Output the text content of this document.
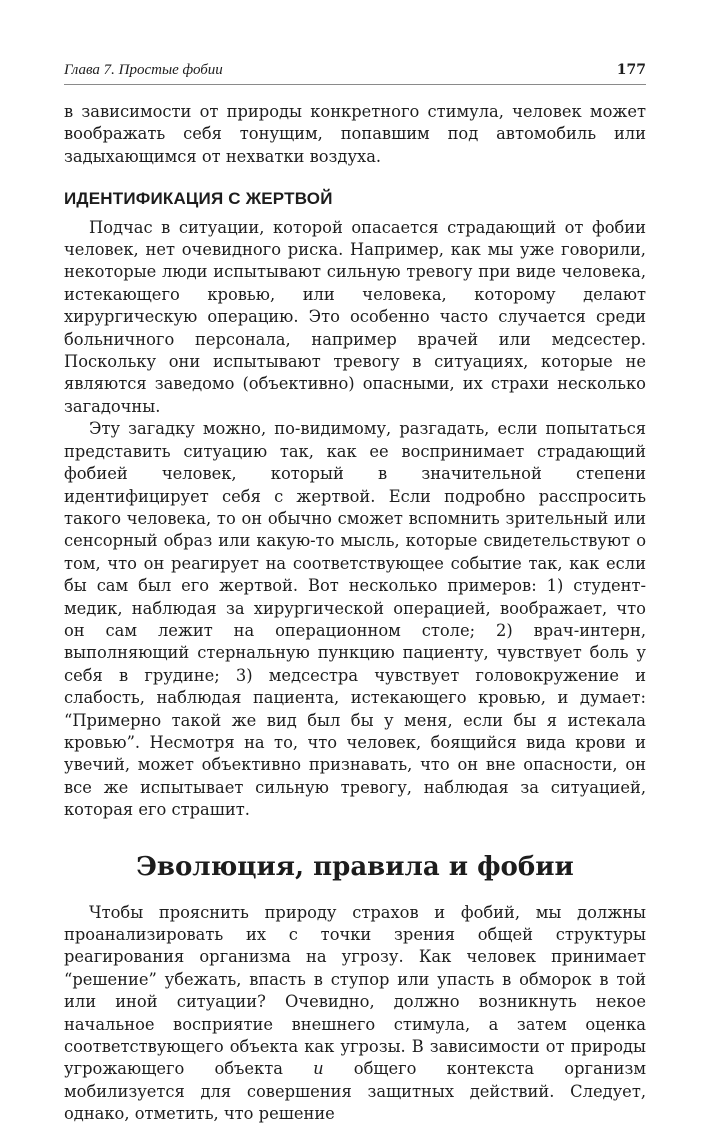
Глава 7. Простые фобии	177

в зависимости от природы конкретного стимула, человек может воображать себя тонущим, попавшим под автомобиль или задыхающимся от нехватки воздуха.

ИДЕНТИФИКАЦИЯ С ЖЕРТВОЙ

Подчас в ситуации, которой опасается страдающий от фобии человек, нет очевидного риска. Например, как мы уже говорили, некоторые люди испытывают сильную тревогу при виде человека, истекающего кровью, или человека, которому делают хирургическую операцию. Это особенно часто случается среди больничного персонала, например врачей или медсестер. Поскольку они испытывают тревогу в ситуациях, которые не являются заведомо (объективно) опасными, их страхи несколько загадочны.

Эту загадку можно, по-видимому, разгадать, если попытаться представить ситуацию так, как ее воспринимает страдающий фобией человек, который в значительной степени идентифицирует себя с жертвой. Если подробно расспросить такого человека, то он обычно сможет вспомнить зрительный или сенсорный образ или какую-то мысль, которые свидетельствуют о том, что он реагирует на соответствующее событие так, как если бы сам был его жертвой. Вот несколько примеров: 1) студент-медик, наблюдая за хирургической операцией, воображает, что он сам лежит на операционном столе; 2) врач-интерн, выполняющий стернальную пункцию пациенту, чувствует боль у себя в грудине; 3) медсестра чувствует головокружение и слабость, наблюдая пациента, истекающего кровью, и думает: “Примерно такой же вид был бы у меня, если бы я истекала кровью”. Несмотря на то, что человек, боящийся вида крови и увечий, может объективно признавать, что он вне опасности, он все же испытывает сильную тревогу, наблюдая за ситуацией, которая его страшит.

Эволюция, правила и фобии

Чтобы прояснить природу страхов и фобий, мы должны проанализировать их с точки зрения общей структуры реагирования организма на угрозу. Как человек принимает “решение” убежать, впасть в ступор или упасть в обморок в той или иной ситуации? Очевидно, должно возникнуть некое начальное восприятие внешнего стимула, а затем оценка соответствующего объекта как угрозы. В зависимости от природы угрожающего объекта и общего контекста организм мобилизуется для совершения защитных действий. Следует, однако, отметить, что решение
